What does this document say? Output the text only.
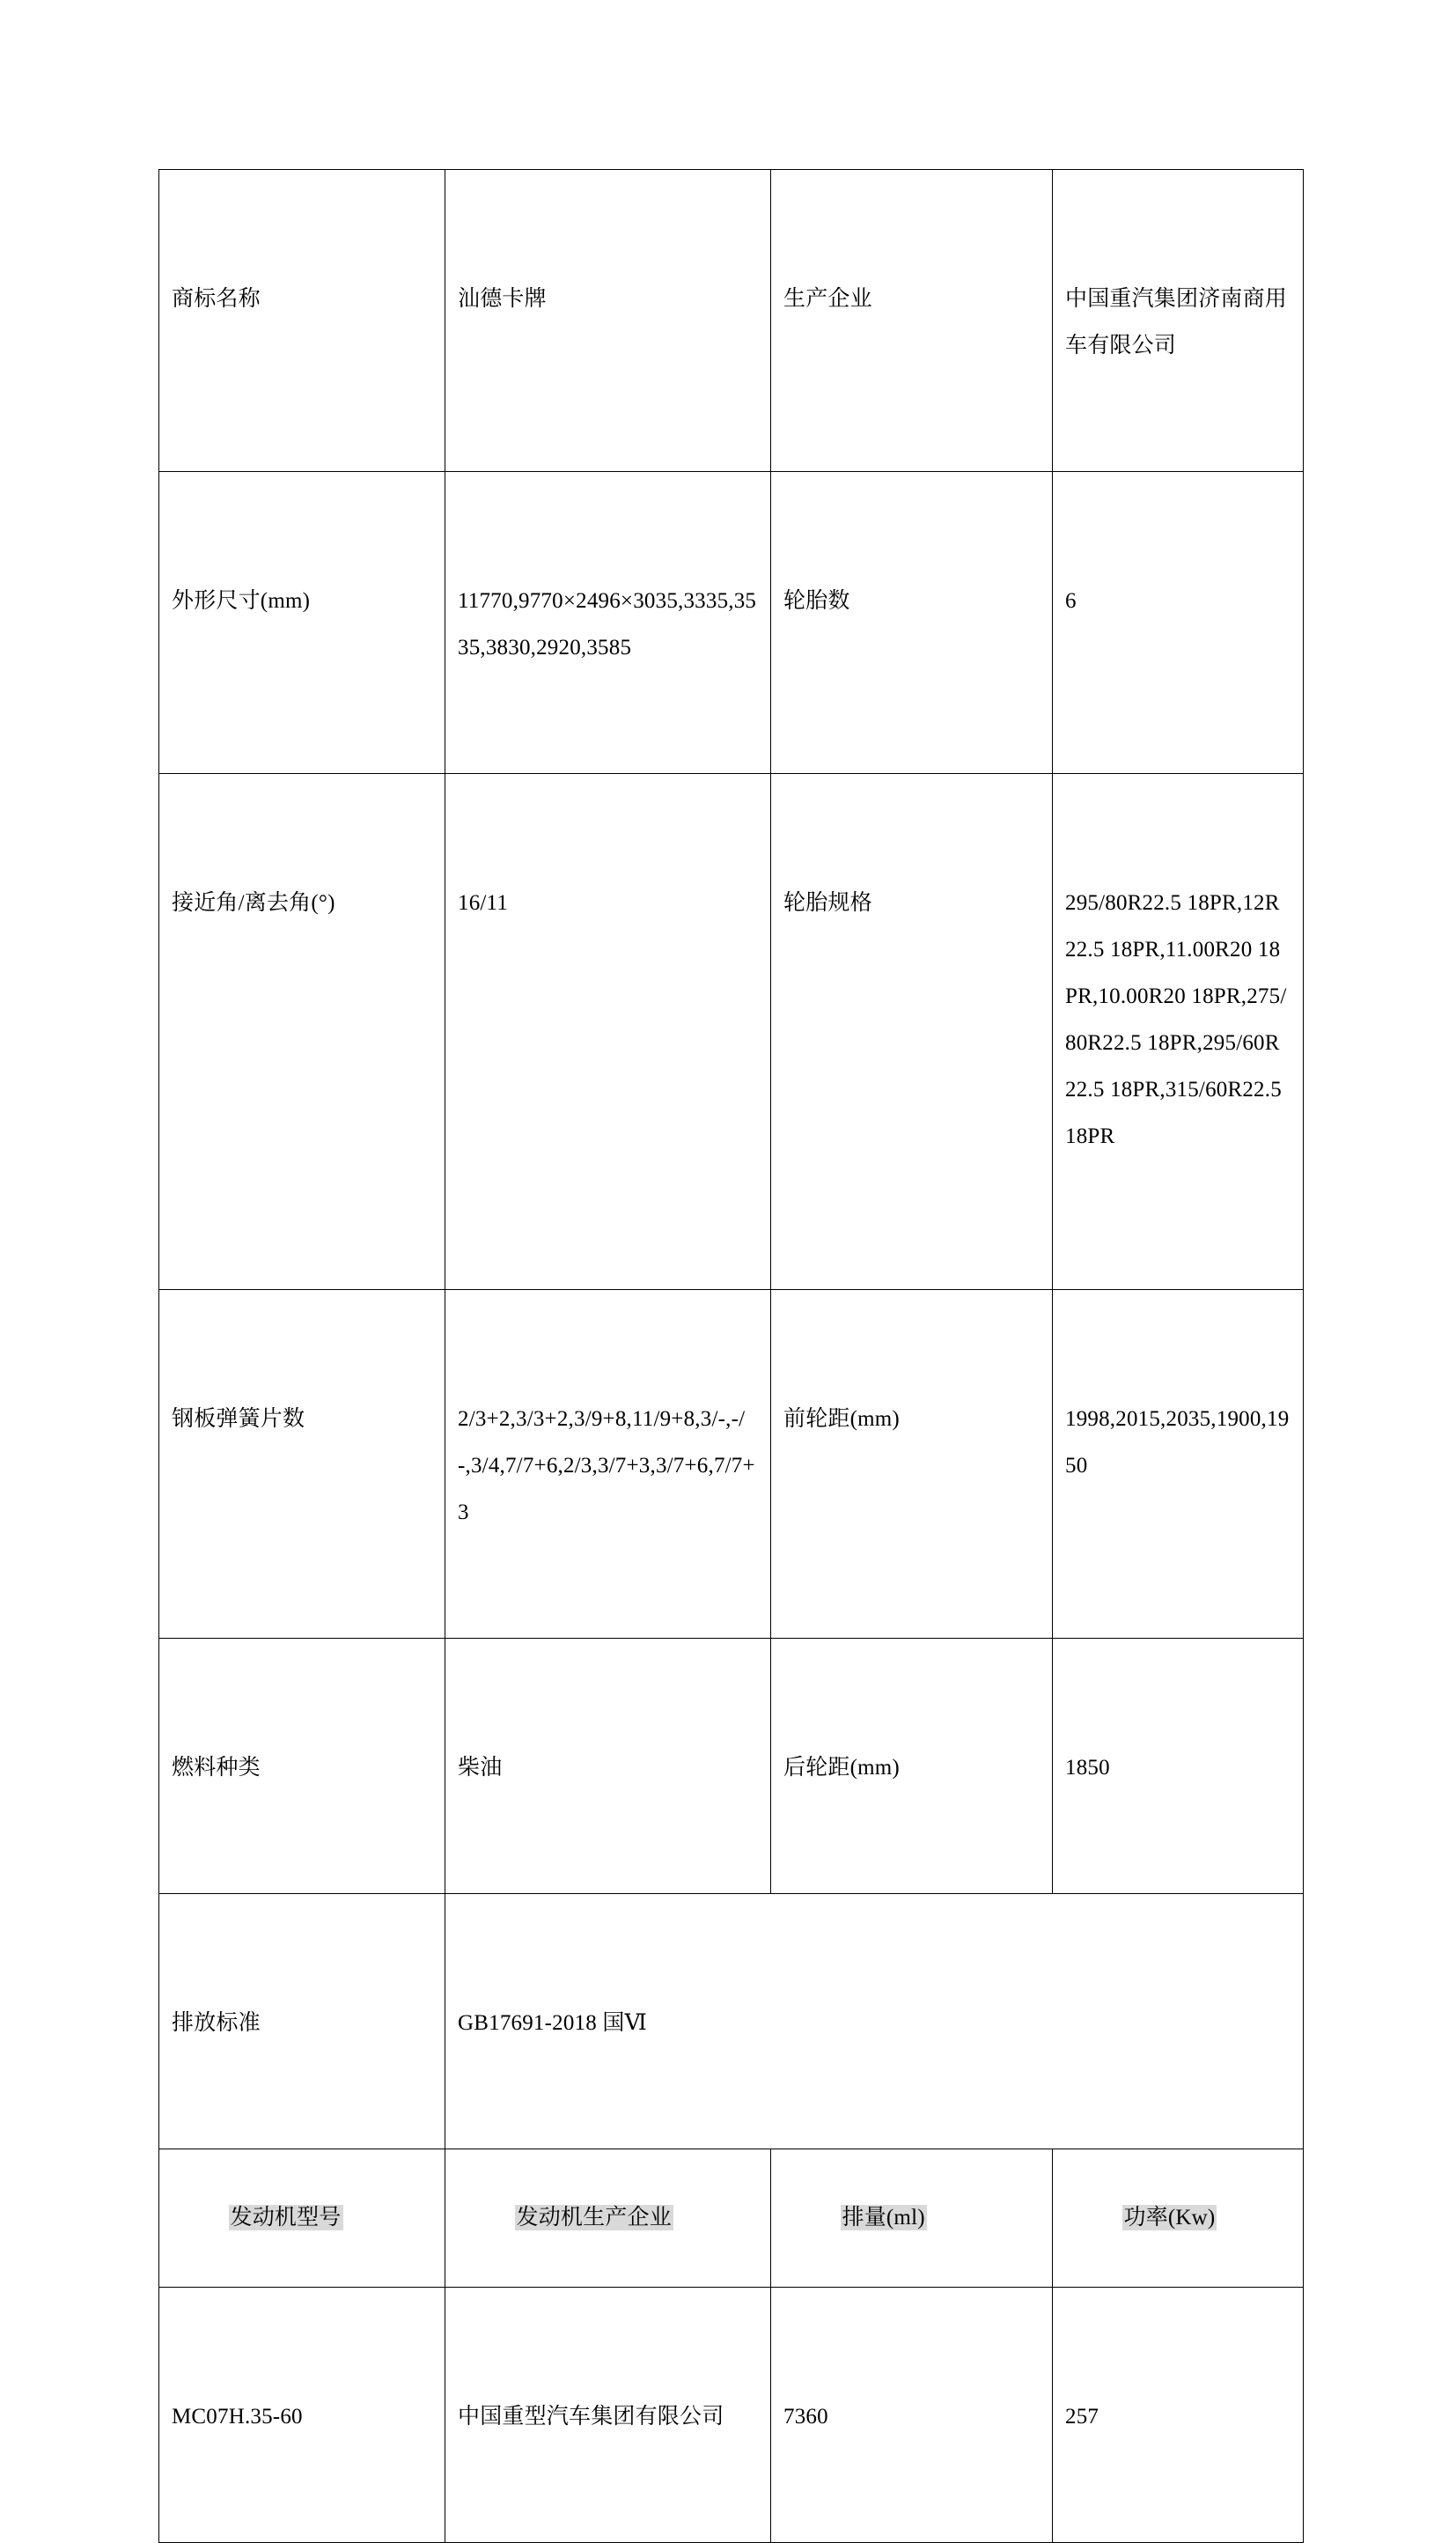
商标名称	汕德卡牌	生产企业	中国重汽集团济南商用车有限公司

外形尺寸(mm)	11770,9770×2496×3035,3335,3535,3830,2920,3585	轮胎数	6

接近角/离去角(°)	16/11	轮胎规格	295/80R22.5 18PR,12R22.5 18PR,11.00R20 18PR,10.00R20 18PR,275/80R22.5 18PR,295/60R22.5 18PR,315/60R22.5 18PR

钢板弹簧片数	2/3+2,3/3+2,3/9+8,11/9+8,3/-,-/-,3/4,7/7+6,2/3,3/7+3,3/7+6,7/7+3	前轮距(mm)	1998,2015,2035,1900,1950

燃料种类	柴油	后轮距(mm)	1850

排放标准	GB17691-2018 国Ⅵ		

发动机型号	发动机生产企业	排量(ml)	功率(Kw)

MC07H.35-60	中国重型汽车集团有限公司	7360	257
